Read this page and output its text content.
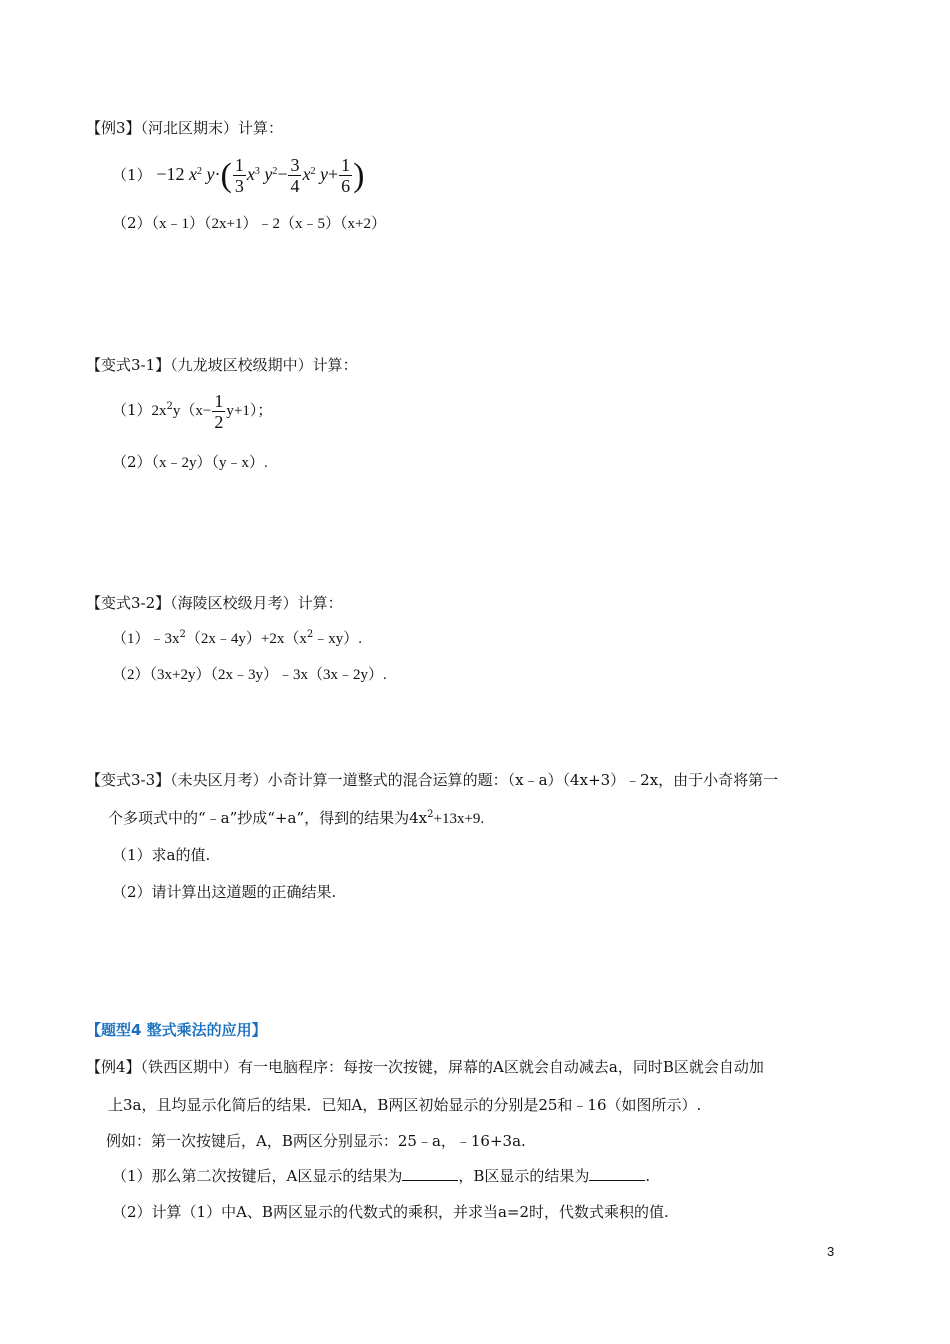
【例3】（河北区期末）计算：
（1） −12 $x^2$ $y\cdot( \frac{1}{3} x^3$ $y^2- \frac{3}{4} x^2$ $y+ \frac{1}{6}$ )
（2）（x﹣1）（2x+1）﹣2（x﹣5）（x+2）
【变式3-1】（九龙坡区校级期中）计算：
$(1)2x^2y(x- \frac{1}{2} y+1)$；
（2）（x﹣2y）（y﹣x）.
【变式3-2】（海陵区校级月考）计算：
$(1)﹣3x^2(2x﹣4y)+2x(x^2﹣xy)$.
（2）（3x+2y）（2x﹣3y）﹣3x（3x﹣2y）.
【变式3-3】（未央区月考）小奇计算一道整式的混合运算的题：（x﹣a）（4x+3）﹣2x，由于小奇将第一
个多项式中的“﹣a”抄成“+a”，得到的结果为$4x^2+13x+9$.
（1）求a的值.
（2）请计算出这道题的正确结果.
【题型4 整式乘法的应用】
【例4】（铁西区期中）有一电脑程序：每按一次按键，屏幕的A区就会自动减去a，同时B区就会自动加
上3a，且均显示化简后的结果．已知A，B两区初始显示的分别是25和﹣16（如图所示）.
例如：第一次按键后，A，B两区分别显示：25﹣a，﹣16+3a.
（1）那么第二次按键后，A区显示的结果为	，B区显示的结果为	.
（2）计算（1）中A、B两区显示的代数式的乘积，并求当a=2时，代数式乘积的值.
3
